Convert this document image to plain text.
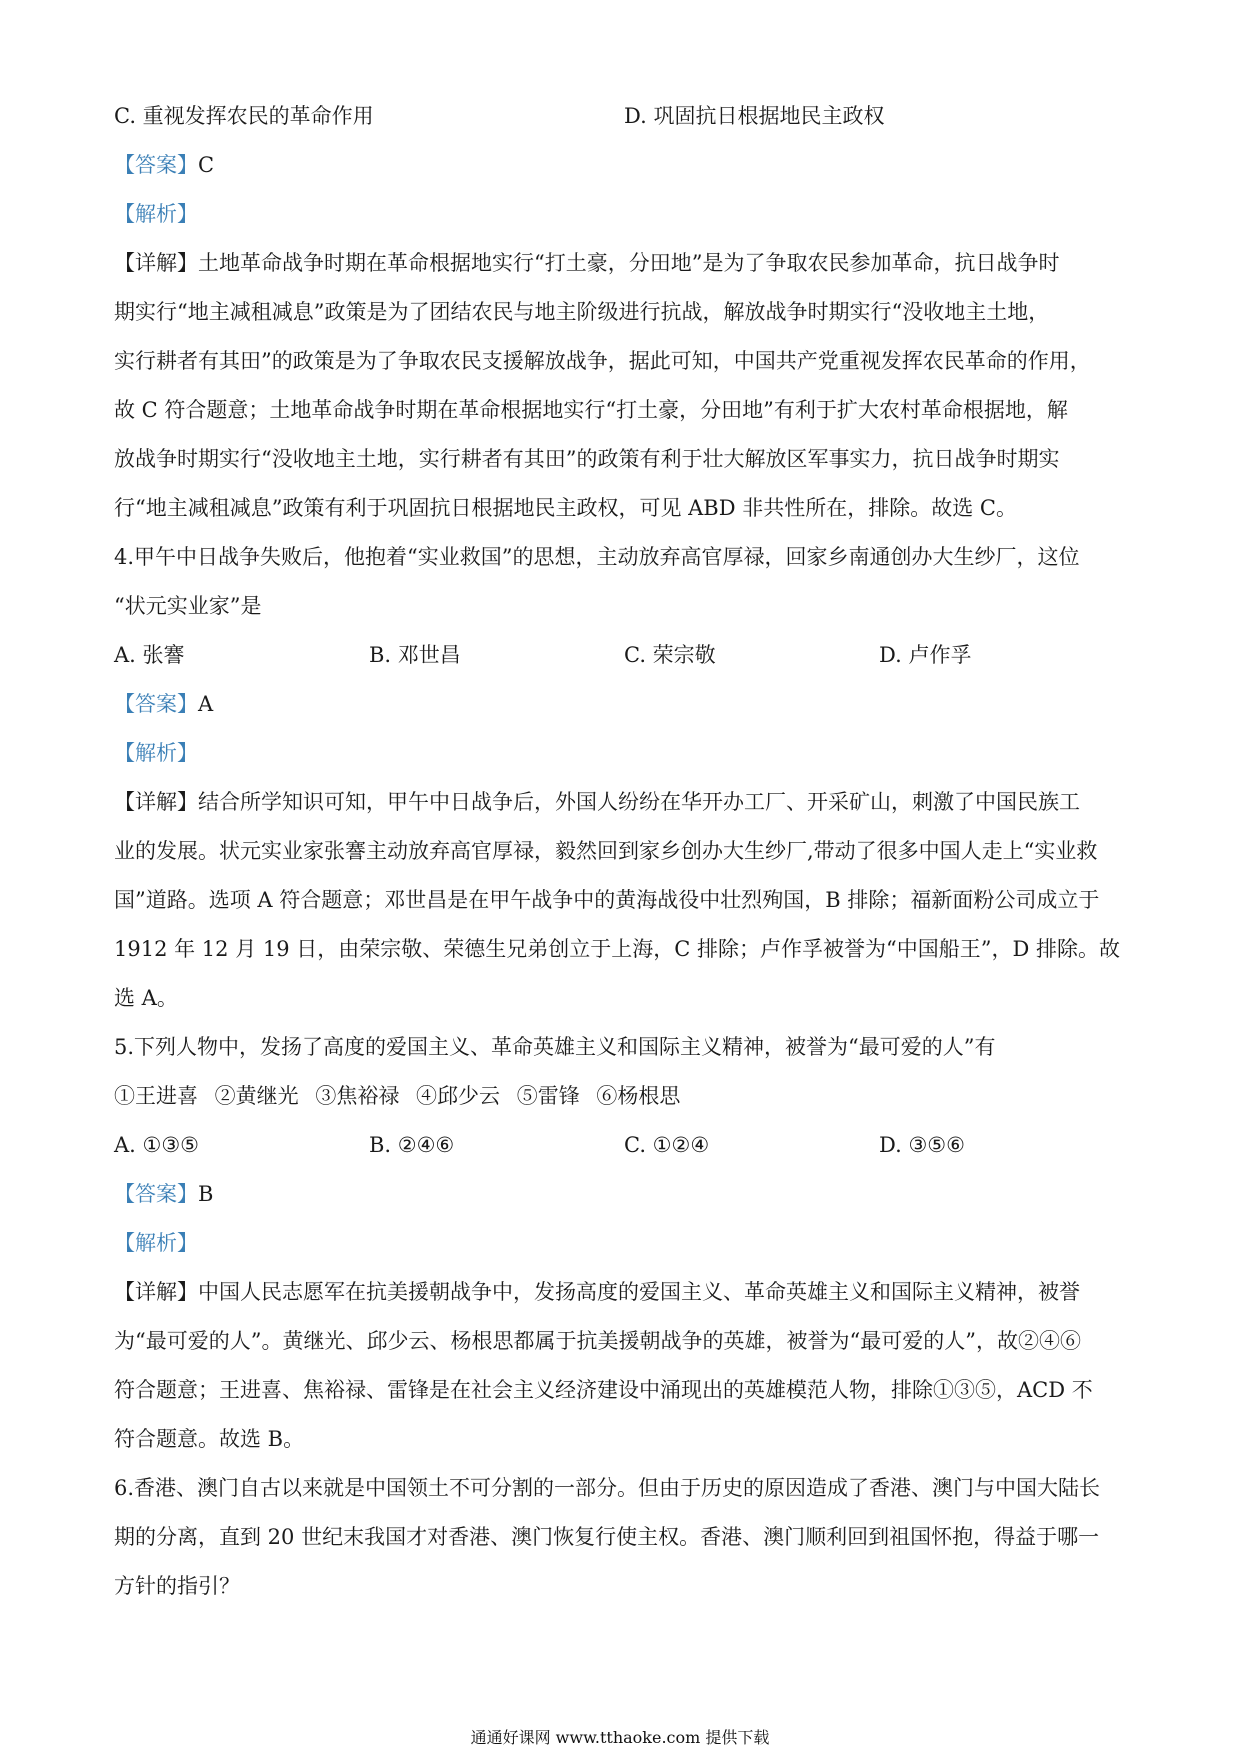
C. 重视发挥农民的革命作用	D. 巩固抗日根据地民主政权
【答案】C
【解析】

【详解】土地革命战争时期在革命根据地实行“打土豪，分田地”是为了争取农民参加革命，抗日战争时

期实行“地主减租减息”政策是为了团结农民与地主阶级进行抗战，解放战争时期实行“没收地主土地，

实行耕者有其田”的政策是为了争取农民支援解放战争，据此可知，中国共产党重视发挥农民革命的作用，

故 C 符合题意；土地革命战争时期在革命根据地实行“打土豪，分田地”有利于扩大农村革命根据地，解

放战争时期实行“没收地主土地，实行耕者有其田”的政策有利于壮大解放区军事实力，抗日战争时期实

行“地主减租减息”政策有利于巩固抗日根据地民主政权，可见 ABD 非共性所在，排除。故选 C。

4.甲午中日战争失败后，他抱着“实业救国”的思想，主动放弃高官厚禄，回家乡南通创办大生纱厂，这位

“状元实业家”是

A. 张謇	B. 邓世昌	C. 荣宗敬	D. 卢作孚
【答案】A
【解析】

【详解】结合所学知识可知，甲午中日战争后，外国人纷纷在华开办工厂、开采矿山，刺激了中国民族工

业的发展。状元实业家张謇主动放弃高官厚禄，毅然回到家乡创办大生纱厂,带动了很多中国人走上“实业救

国”道路。选项 A 符合题意；邓世昌是在甲午战争中的黄海战役中壮烈殉国，B 排除；福新面粉公司成立于

1912 年 12 月 19 日，由荣宗敬、荣德生兄弟创立于上海，C 排除；卢作孚被誉为“中国船王”，D 排除。故

选 A。

5.下列人物中，发扬了高度的爱国主义、革命英雄主义和国际主义精神，被誉为“最可爱的人”有
①王进喜 ②黄继光 ③焦裕禄 ④邱少云 ⑤雷锋 ⑥杨根思
A. ①③⑤	B. ②④⑥	C. ①②④	D. ③⑤⑥
【答案】B
【解析】

【详解】中国人民志愿军在抗美援朝战争中，发扬高度的爱国主义、革命英雄主义和国际主义精神，被誉

为“最可爱的人”。黄继光、邱少云、杨根思都属于抗美援朝战争的英雄，被誉为“最可爱的人”，故②④⑥

符合题意；王进喜、焦裕禄、雷锋是在社会主义经济建设中涌现出的英雄模范人物，排除①③⑤，ACD 不

符合题意。故选 B。

6.香港、澳门自古以来就是中国领土不可分割的一部分。但由于历史的原因造成了香港、澳门与中国大陆长

期的分离，直到 20 世纪末我国才对香港、澳门恢复行使主权。香港、澳门顺利回到祖国怀抱，得益于哪一

方针的指引？

通通好课网 www.tthaoke.com 提供下载
